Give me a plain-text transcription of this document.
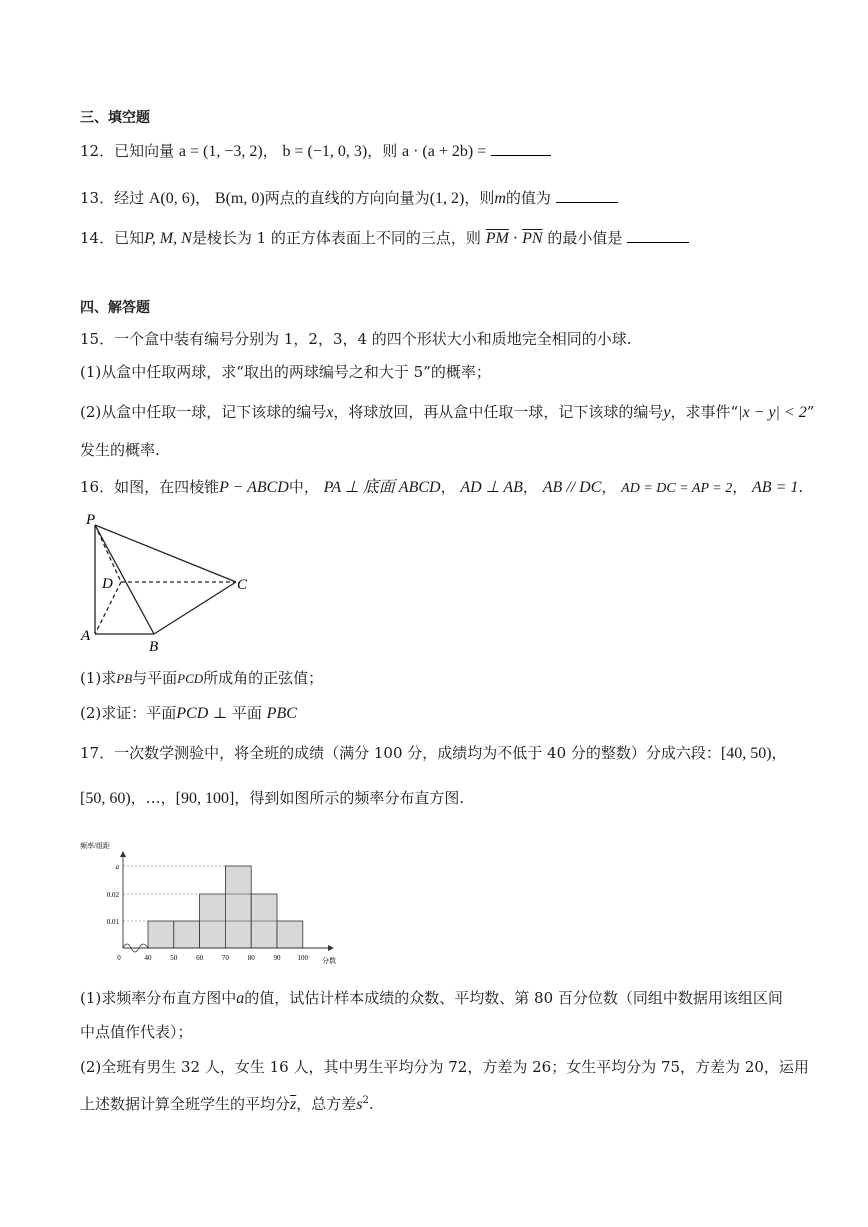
三、填空题
12．已知向量 a = (1, −3, 2)， b = (−1, 0, 3)，则 a · (a + 2b) =
13．经过 A(0, 6)， B(m, 0)两点的直线的方向向量为(1, 2)，则m的值为
14．已知P, M, N是棱长为 1 的正方体表面上不同的三点，则 $\overline{PM} \cdot \overline{PN}$ 的最小值是
四、解答题
15．一个盒中装有编号分别为 1，2，3，4 的四个形状大小和质地完全相同的小球.
(1)从盒中任取两球，求“取出的两球编号之和大于 5”的概率；
(2)从盒中任取一球，记下该球的编号x，将球放回，再从盒中任取一球，记下该球的编号y，求事件“|x − y| < 2”
发生的概率.
16．如图，在四棱锥P − ABCD中， PA ⊥ 底面 ABCD， AD ⊥ AB， AB // DC， AD = DC = AP = 2， AB = 1.
P
D	C
A
B
(1)求PB与平面PCD所成角的正弦值；
(2)求证：平面PCD ⊥ 平面 PBC
17．一次数学测验中，将全班的成绩（满分 100 分，成绩均为不低于 40 分的整数）分成六段：[40, 50)，
[50, 60)，…，[90, 100]，得到如图所示的频率分布直方图.
频率/组距
分数
a
0.02
0.01
0	40	50	60	70	80	90 100
(1)求频率分布直方图中a的值，试估计样本成绩的众数、平均数、第 80 百分位数（同组中数据用该组区间
中点值作代表）；
(2)全班有男生 32 人，女生 16 人，其中男生平均分为 72，方差为 26；女生平均分为 75，方差为 20，运用
上述数据计算全班学生的平均分$\overline{z}$，总方差$s^2$.
